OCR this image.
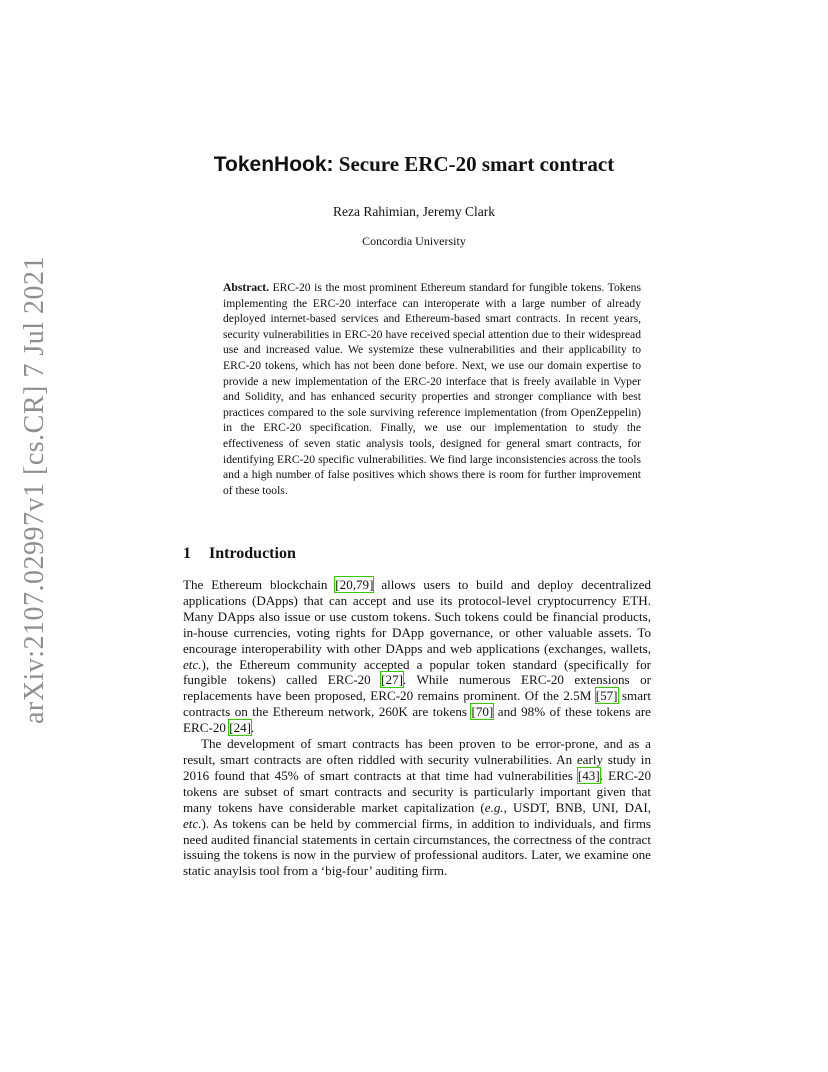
arXiv:2107.02997v1 [cs.CR] 7 Jul 2021
TokenHook: Secure ERC-20 smart contract
Reza Rahimian, Jeremy Clark
Concordia University
Abstract. ERC-20 is the most prominent Ethereum standard for fungible tokens. Tokens implementing the ERC-20 interface can interoperate with a large number of already deployed internet-based services and Ethereum-based smart contracts. In recent years, security vulnerabilities in ERC-20 have received special attention due to their widespread use and increased value. We systemize these vulnerabilities and their applicability to ERC-20 tokens, which has not been done before. Next, we use our domain expertise to provide a new implementation of the ERC-20 interface that is freely available in Vyper and Solidity, and has enhanced security properties and stronger compliance with best practices compared to the sole surviving reference implementation (from OpenZeppelin) in the ERC-20 specification. Finally, we use our implementation to study the effectiveness of seven static analysis tools, designed for general smart contracts, for identifying ERC-20 specific vulnerabilities. We find large inconsistencies across the tools and a high number of false positives which shows there is room for further improvement of these tools.
1 Introduction

The Ethereum blockchain [20,79] allows users to build and deploy decentralized applications (DApps) that can accept and use its protocol-level cryptocurrency ETH. Many DApps also issue or use custom tokens. Such tokens could be financial products, in-house currencies, voting rights for DApp governance, or other valuable assets. To encourage interoperability with other DApps and web applications (exchanges, wallets, etc.), the Ethereum community accepted a popular token standard (specifically for fungible tokens) called ERC-20 [27]. While numerous ERC-20 extensions or replacements have been proposed, ERC-20 remains prominent. Of the 2.5M [57] smart contracts on the Ethereum network, 260K are tokens [70] and 98% of these tokens are ERC-20 [24].

The development of smart contracts has been proven to be error-prone, and as a result, smart contracts are often riddled with security vulnerabilities. An early study in 2016 found that 45% of smart contracts at that time had vulnerabilities [43]. ERC-20 tokens are subset of smart contracts and security is particularly important given that many tokens have considerable market capitalization (e.g., USDT, BNB, UNI, DAI, etc.). As tokens can be held by commercial firms, in addition to individuals, and firms need audited financial statements in certain circumstances, the correctness of the contract issuing the tokens is now in the purview of professional auditors. Later, we examine one static anaylsis tool from a ‘big-four’ auditing firm.
